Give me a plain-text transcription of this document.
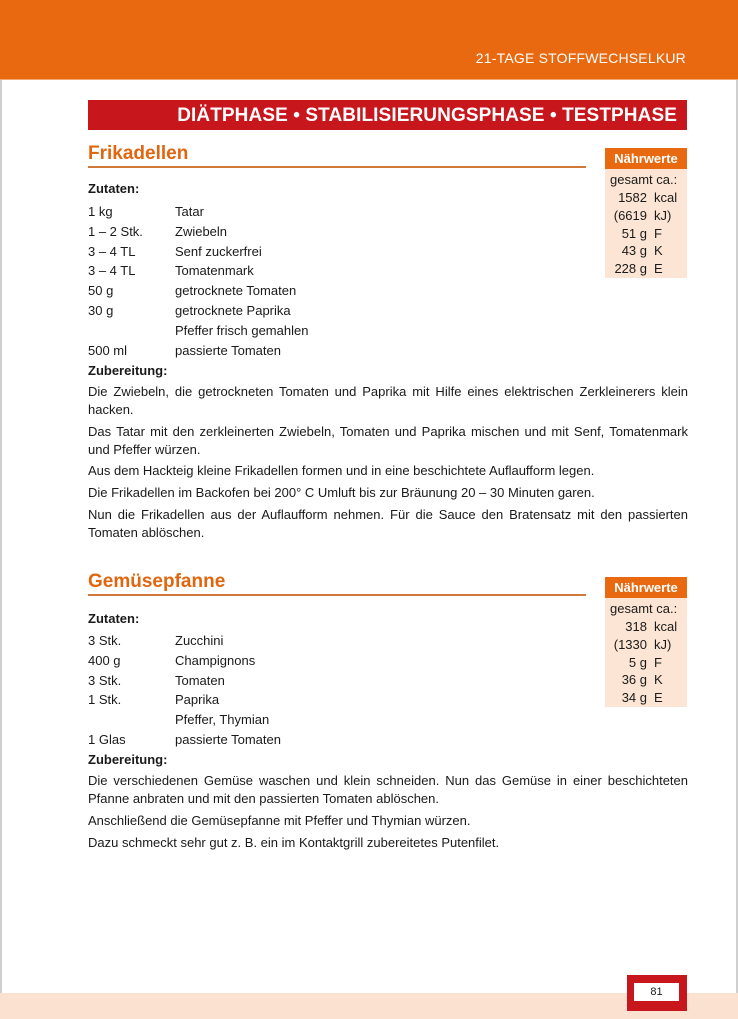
21-TAGE STOFFWECHSELKUR
DIÄTPHASE • STABILISIERUNGSPHASE • TESTPHASE
Frikadellen	Nährwerte
gesamt ca.:
1582 kcal
(6619 kJ)
51 g F
43 g K
228 g E
Zutaten:
1 kg	Tatar
1 – 2 Stk.	Zwiebeln
3 – 4 TL	Senf zuckerfrei
3 – 4 TL	Tomatenmark
50 g	getrocknete Tomaten
30 g	getrocknete Paprika
Pfeffer frisch gemahlen
500 ml	passierte Tomaten
Zubereitung:
Die Zwiebeln, die getrockneten Tomaten und Paprika mit Hilfe eines elektrischen Zerkleinerers klein hacken.
Das Tatar mit den zerkleinerten Zwiebeln, Tomaten und Paprika mischen und mit Senf, Tomatenmark und Pfeffer würzen.
Aus dem Hackteig kleine Frikadellen formen und in eine beschichtete Auflaufform legen.
Die Frikadellen im Backofen bei 200° C Umluft bis zur Bräunung 20 – 30 Minuten garen.
Nun die Frikadellen aus der Auflaufform nehmen. Für die Sauce den Bratensatz mit den passierten Tomaten ablöschen.
Gemüsepfanne	Nährwerte
gesamt ca.:
318 kcal
(1330 kJ)
5 g F
36 g K
34 g E
Zutaten:
3 Stk.	Zucchini
400 g	Champignons
3 Stk.	Tomaten
1 Stk.	Paprika
Pfeffer, Thymian
1 Glas	passierte Tomaten
Zubereitung:
Die verschiedenen Gemüse waschen und klein schneiden. Nun das Gemüse in einer beschichteten Pfanne anbraten und mit den passierten Tomaten ablöschen.
Anschließend die Gemüsepfanne mit Pfeffer und Thymian würzen.
Dazu schmeckt sehr gut z. B. ein im Kontaktgrill zubereitetes Putenfilet.
81
